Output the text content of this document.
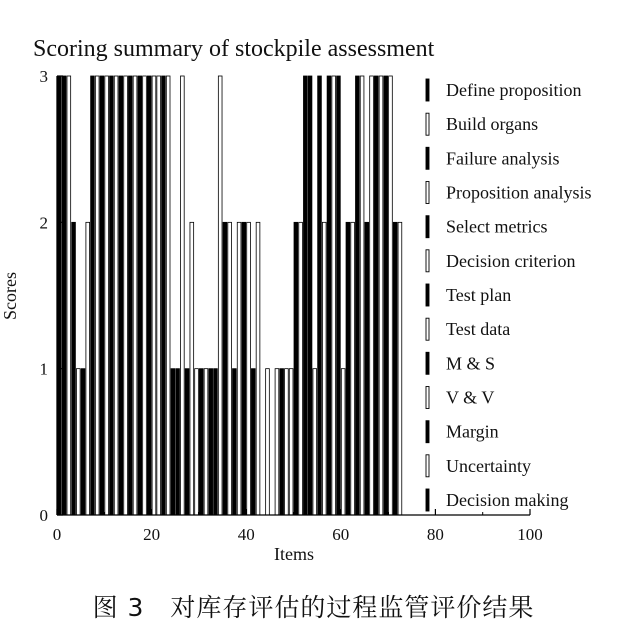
0	20	40	60	80	100
0
1
2
3
Scoring summary of stockpile assessment
Items
Scores
Define proposition
Build organs
Failure analysis
Proposition analysis
Select metrics
Decision criterion
Test plan
Test data
M & S
V & V
Margin
Uncertainty
Decision making
图 3　对库存评估的过程监管评价结果
